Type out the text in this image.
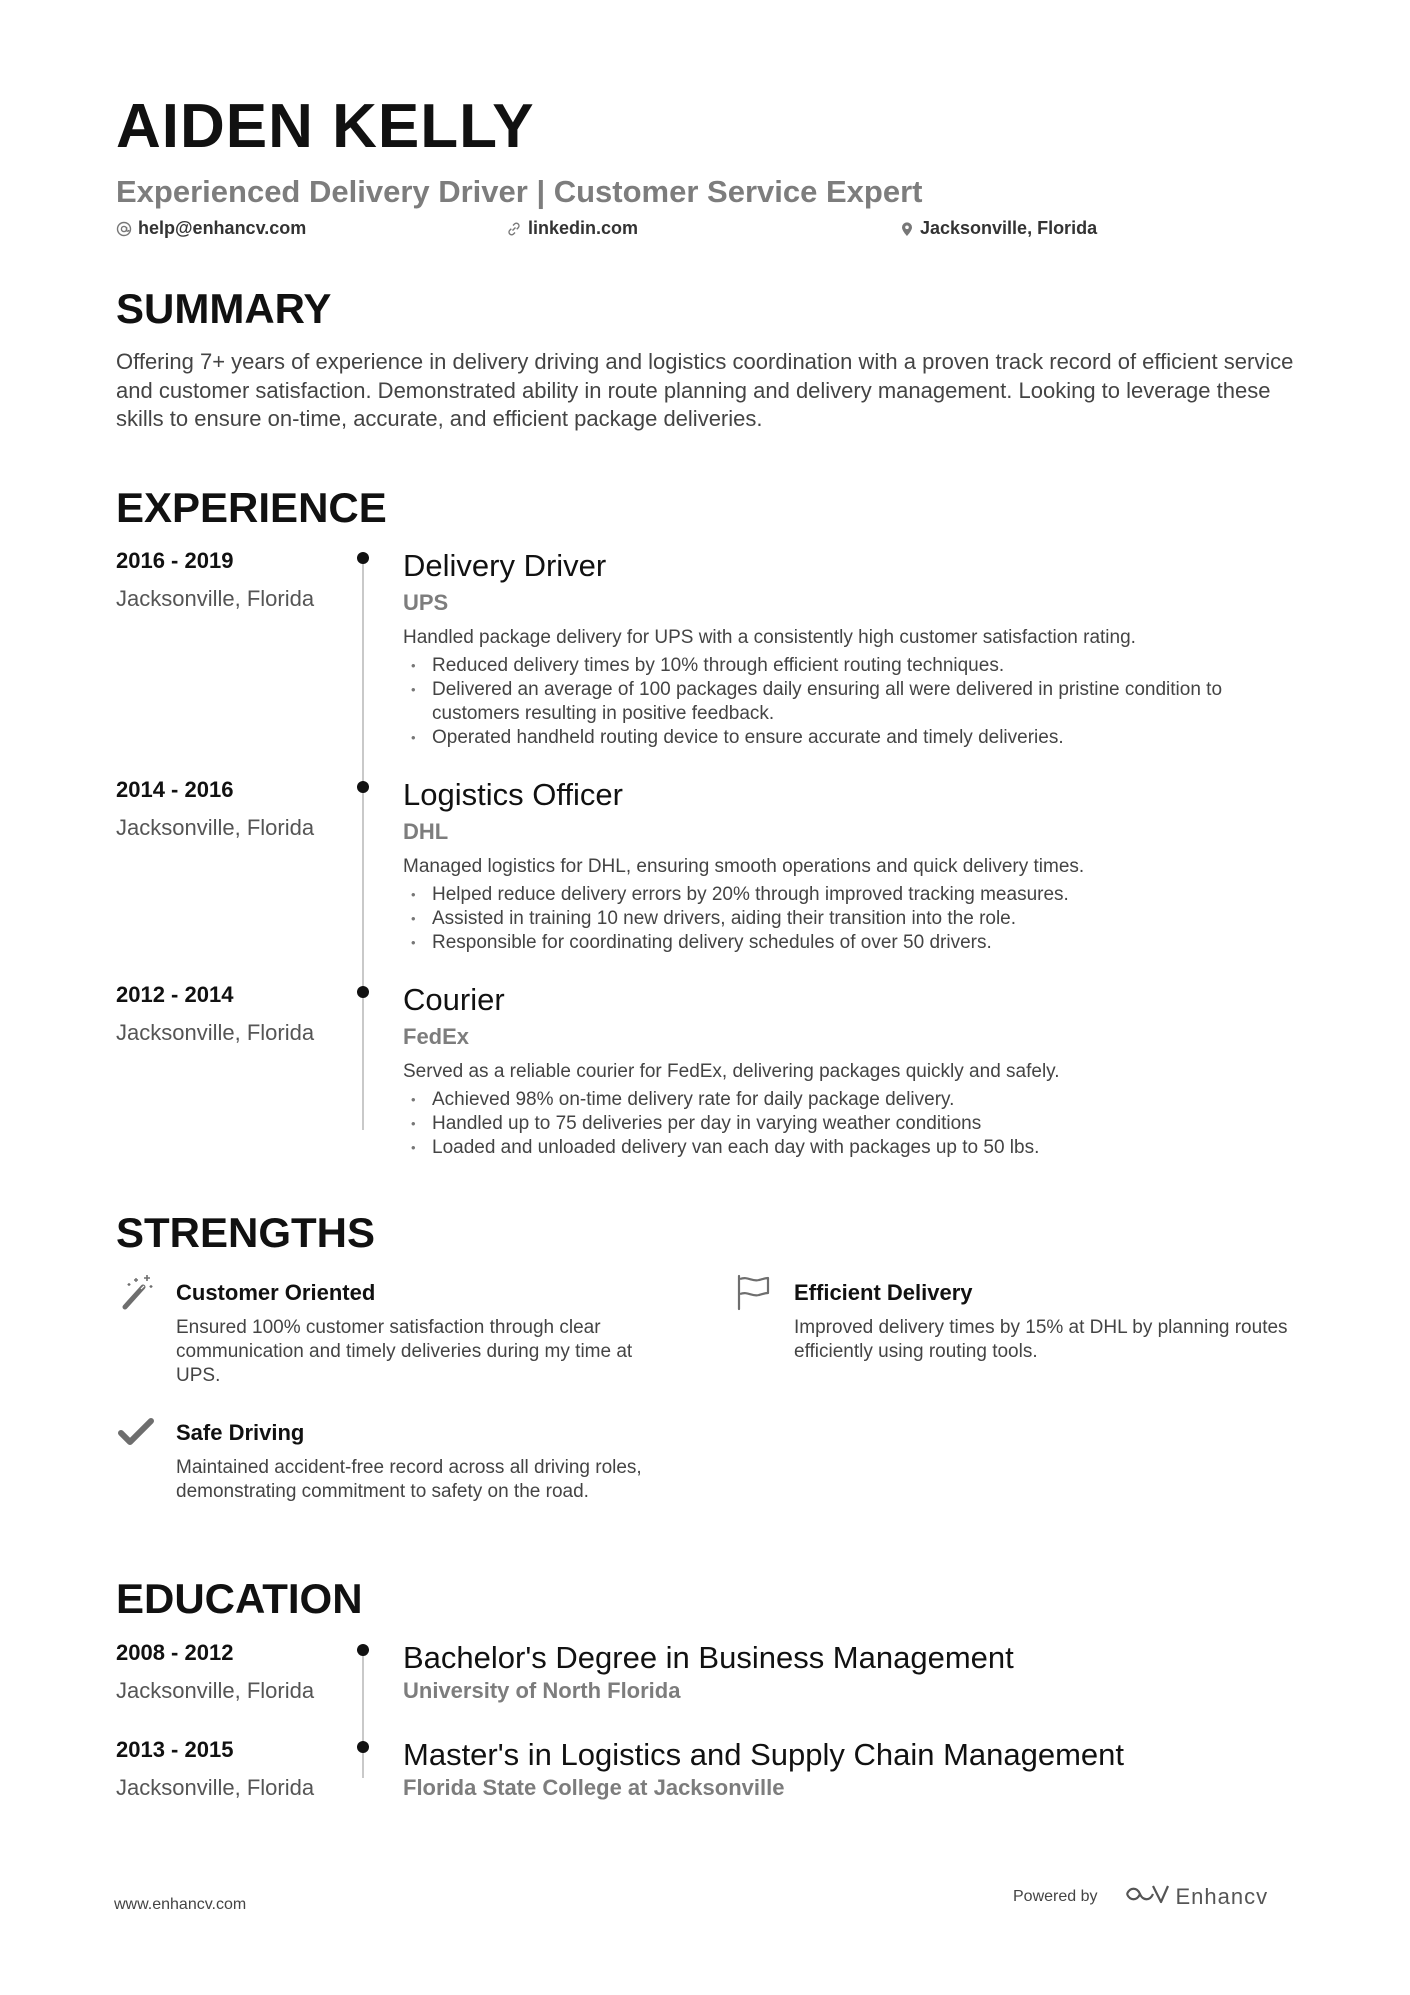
AIDEN KELLY
Experienced Delivery Driver | Customer Service Expert
help@enhancv.com	linkedin.com	Jacksonville, Florida
SUMMARY

Offering 7+ years of experience in delivery driving and logistics coordination with a proven track record of efficient service and customer satisfaction. Demonstrated ability in route planning and delivery management. Looking to leverage these skills to ensure on-time, accurate, and efficient package deliveries.

EXPERIENCE
2016 - 2019
Jacksonville, Florida
Delivery Driver
UPS
Handled package delivery for UPS with a consistently high customer satisfaction rating.
• Reduced delivery times by 10% through efficient routing techniques.
• Delivered an average of 100 packages daily ensuring all were delivered in pristine condition to customers resulting in positive feedback.
• Operated handheld routing device to ensure accurate and timely deliveries.
2014 - 2016
Jacksonville, Florida
Logistics Officer
DHL
Managed logistics for DHL, ensuring smooth operations and quick delivery times.
• Helped reduce delivery errors by 20% through improved tracking measures.
• Assisted in training 10 new drivers, aiding their transition into the role.
• Responsible for coordinating delivery schedules of over 50 drivers.
2012 - 2014
Jacksonville, Florida
Courier
FedEx
Served as a reliable courier for FedEx, delivering packages quickly and safely.
• Achieved 98% on-time delivery rate for daily package delivery.
• Handled up to 75 deliveries per day in varying weather conditions
• Loaded and unloaded delivery van each day with packages up to 50 lbs.
STRENGTHS
Customer Oriented

Ensured 100% customer satisfaction through clear communication and timely deliveries during my time at UPS.

Efficient Delivery

Improved delivery times by 15% at DHL by planning routes efficiently using routing tools.

Safe Driving

Maintained accident-free record across all driving roles, demonstrating commitment to safety on the road.

EDUCATION
2008 - 2012
Jacksonville, Florida
Bachelor's Degree in Business Management
University of North Florida
2013 - 2015
Jacksonville, Florida
Master's in Logistics and Supply Chain Management
Florida State College at Jacksonville
www.enhancv.com	Powered by	Enhancv
